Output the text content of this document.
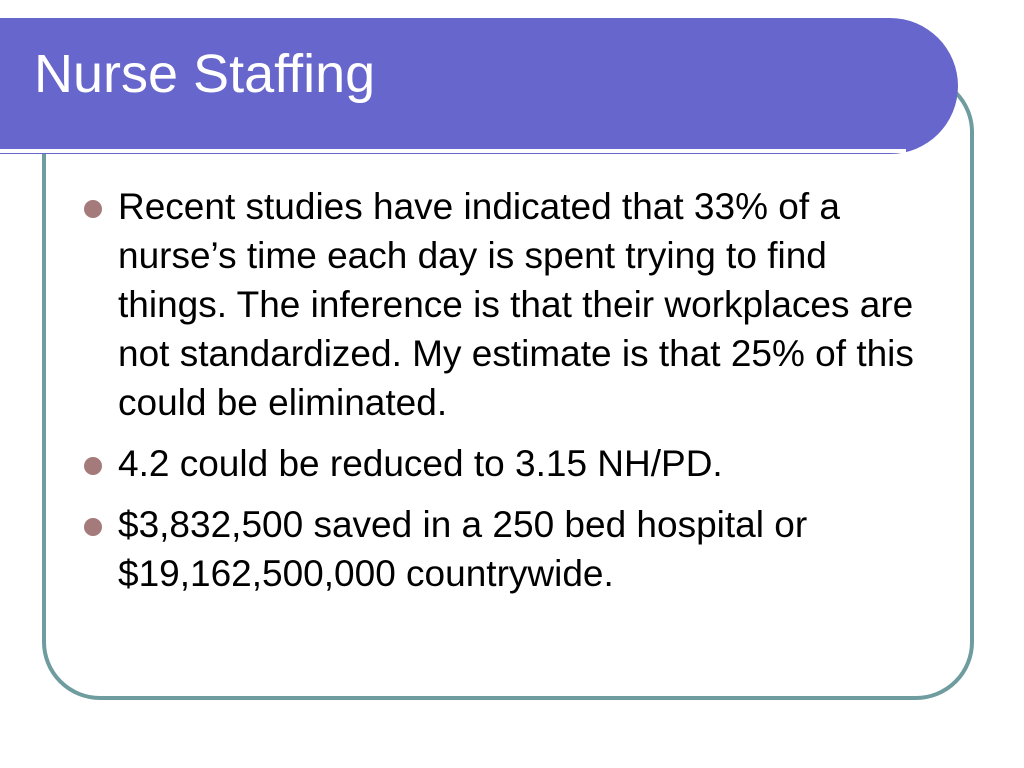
Nurse Staffing
Recent studies have indicated that 33% of a nurse’s time each day is spent trying to find things. The inference is that their workplaces are not standardized. My estimate is that 25% of this could be eliminated.
4.2 could be reduced to 3.15 NH/PD.
$3,832,500 saved in a 250 bed hospital or $19,162,500,000 countrywide.
